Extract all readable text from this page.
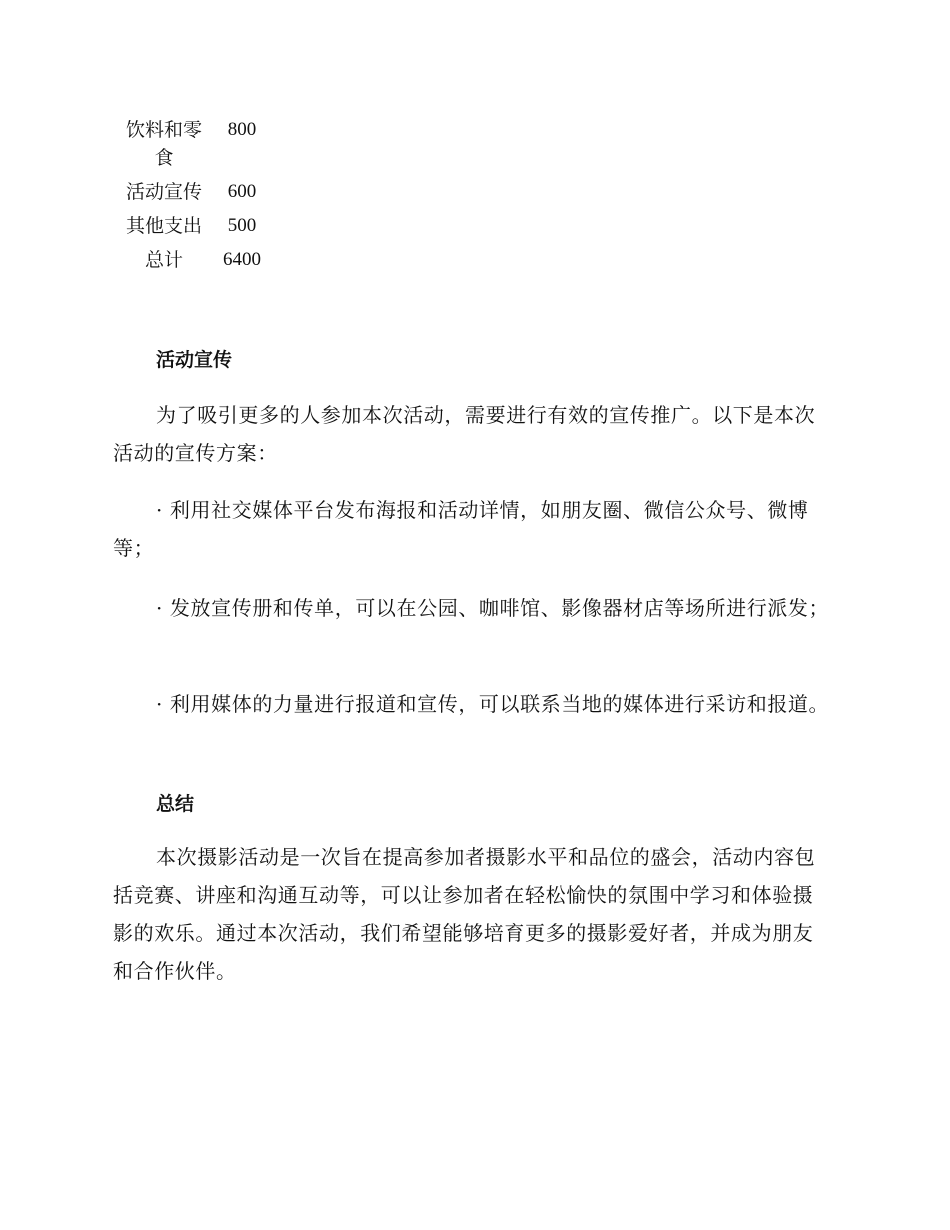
饮料和零食	800

活动宣传	600

其他支出	500

总计	6400
活动宣传

为了吸引更多的人参加本次活动，需要进行有效的宣传推广。以下是本次活动的宣传方案：

· 利用社交媒体平台发布海报和活动详情，如朋友圈、微信公众号、微博等；

· 发放宣传册和传单，可以在公园、咖啡馆、影像器材店等场所进行派发；

· 利用媒体的力量进行报道和宣传，可以联系当地的媒体进行采访和报道。

总结

本次摄影活动是一次旨在提高参加者摄影水平和品位的盛会，活动内容包括竞赛、讲座和沟通互动等，可以让参加者在轻松愉快的氛围中学习和体验摄影的欢乐。通过本次活动，我们希望能够培育更多的摄影爱好者，并成为朋友和合作伙伴。
